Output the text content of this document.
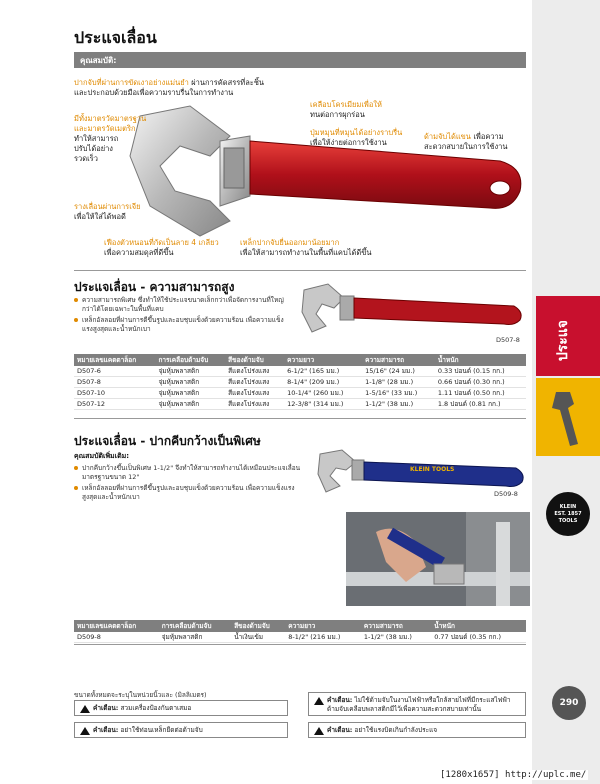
ประแจ
KLEIN
EST. 1857
TOOLS
290
ประแจเลื่อน
คุณสมบัติ:
ปากจับที่ผ่านการขัดเงาอย่างแม่นยำ ผ่านการคัดสรรที่ละชิ้น
และประกอบด้วยมือเพื่อความราบรื่นในการทำงาน
มีทั้งมาตรวัดมาตรฐาน
และมาตรวัดเมตริก
ทำให้สามารถ
ปรับได้อย่าง
รวดเร็ว
เคลือบโครเมียมเพื่อให้
ทนต่อการผุกร่อน
ปุ่มหมุนที่หมุนได้อย่างราบรื่น
เพื่อให้ง่ายต่อการใช้งาน
ด้ามจับได้แขน เพื่อความ
สะดวกสบายในการใช้งาน
รางเลื่อนผ่านการเจีย
เพื่อให้ใส่ได้พอดี
เฟืองตัวหนอนที่กัดเป็นลาย 4 เกลียว
เพื่อความสมดุลที่ดีขึ้น
เหล็กปากจับยื่นออกมาน้อยมาก
เพื่อให้สามารถทำงานในพื้นที่แคบได้ดีขึ้น
ประแจเลื่อน - ความสามารถสูง
ความสามารถพิเศษ ซึ่งทำให้ใช้ประแจขนาดเล็กกว่าเพื่อจัดการงานที่ใหญ่กว่าได้โดยเฉพาะในพื้นที่แคบ
เหล็กอัลลอยที่ผ่านการตีขึ้นรูปและอบชุบแข็งด้วยความร้อน เพื่อความแข็งแรงสูงสุดและน้ำหนักเบา
D507-8
หมายเลขแคตตาล็อก	การเคลือบด้ามจับ	สีของด้ามจับ	ความยาว	ความสามารถ	น้ำหนัก
D507-6	จุ่มหุ้มพลาสติก	สีแดงโปร่งแสง	6-1/2" (165 มม.)	15/16" (24 มม.)	0.33 ปอนด์ (0.15 กก.)
D507-8	จุ่มหุ้มพลาสติก	สีแดงโปร่งแสง	8-1/4" (209 มม.)	1-1/8" (28 มม.)	0.66 ปอนด์ (0.30 กก.)
D507-10	จุ่มหุ้มพลาสติก	สีแดงโปร่งแสง	10-1/4" (260 มม.)	1-5/16" (33 มม.)	1.11 ปอนด์ (0.50 กก.)
D507-12	จุ่มหุ้มพลาสติก	สีแดงโปร่งแสง	12-3/8" (314 มม.)	1-1/2" (38 มม.)	1.8 ปอนด์ (0.81 กก.)
ประแจเลื่อน - ปากคีบกว้างเป็นพิเศษ
คุณสมบัติเพิ่มเติม:
ปากคีบกว้างขึ้นเป็นพิเศษ 1-1/2" จึงทำให้สามารถทำงานได้เหมือนประแจเลื่อนมาตรฐานขนาด 12"
เหล็กอัลลอยที่ผ่านการตีขึ้นรูปและอบชุบแข็งด้วยความร้อน เพื่อความแข็งแรงสูงสุดและน้ำหนักเบา
KLEIN TOOLS
D509-8
หมายเลขแคตตาล็อก	การเคลือบด้ามจับ	สีของด้ามจับ	ความยาว	ความสามารถ	น้ำหนัก
D509-8	จุ่มหุ้มพลาสติก	น้ำเงินเข้ม	8-1/2" (216 มม.)	1-1/2" (38 มม.)	0.77 ปอนด์ (0.35 กก.)
ขนาดทั้งหมดจะระบุในหน่วยนิ้วและ (มิลลิเมตร)
คำเตือน: สวมเครื่องป้องกันตาเสมอ
คำเตือน: อย่าใช้ท่อนเหล็กยืดต่อด้ามจับ
คำเตือน: ไม่ใช้ด้ามจับในงานไฟฟ้าหรือใกล้สายไฟที่มีกระแสไฟฟ้า ด้ามจับเคลือบพลาสติกมีไว้เพื่อความสะดวกสบายเท่านั้น
คำเตือน: อย่าใช้แรงบิดเกินกำลังประแจ
[1280x1657] http://uplc.me/
